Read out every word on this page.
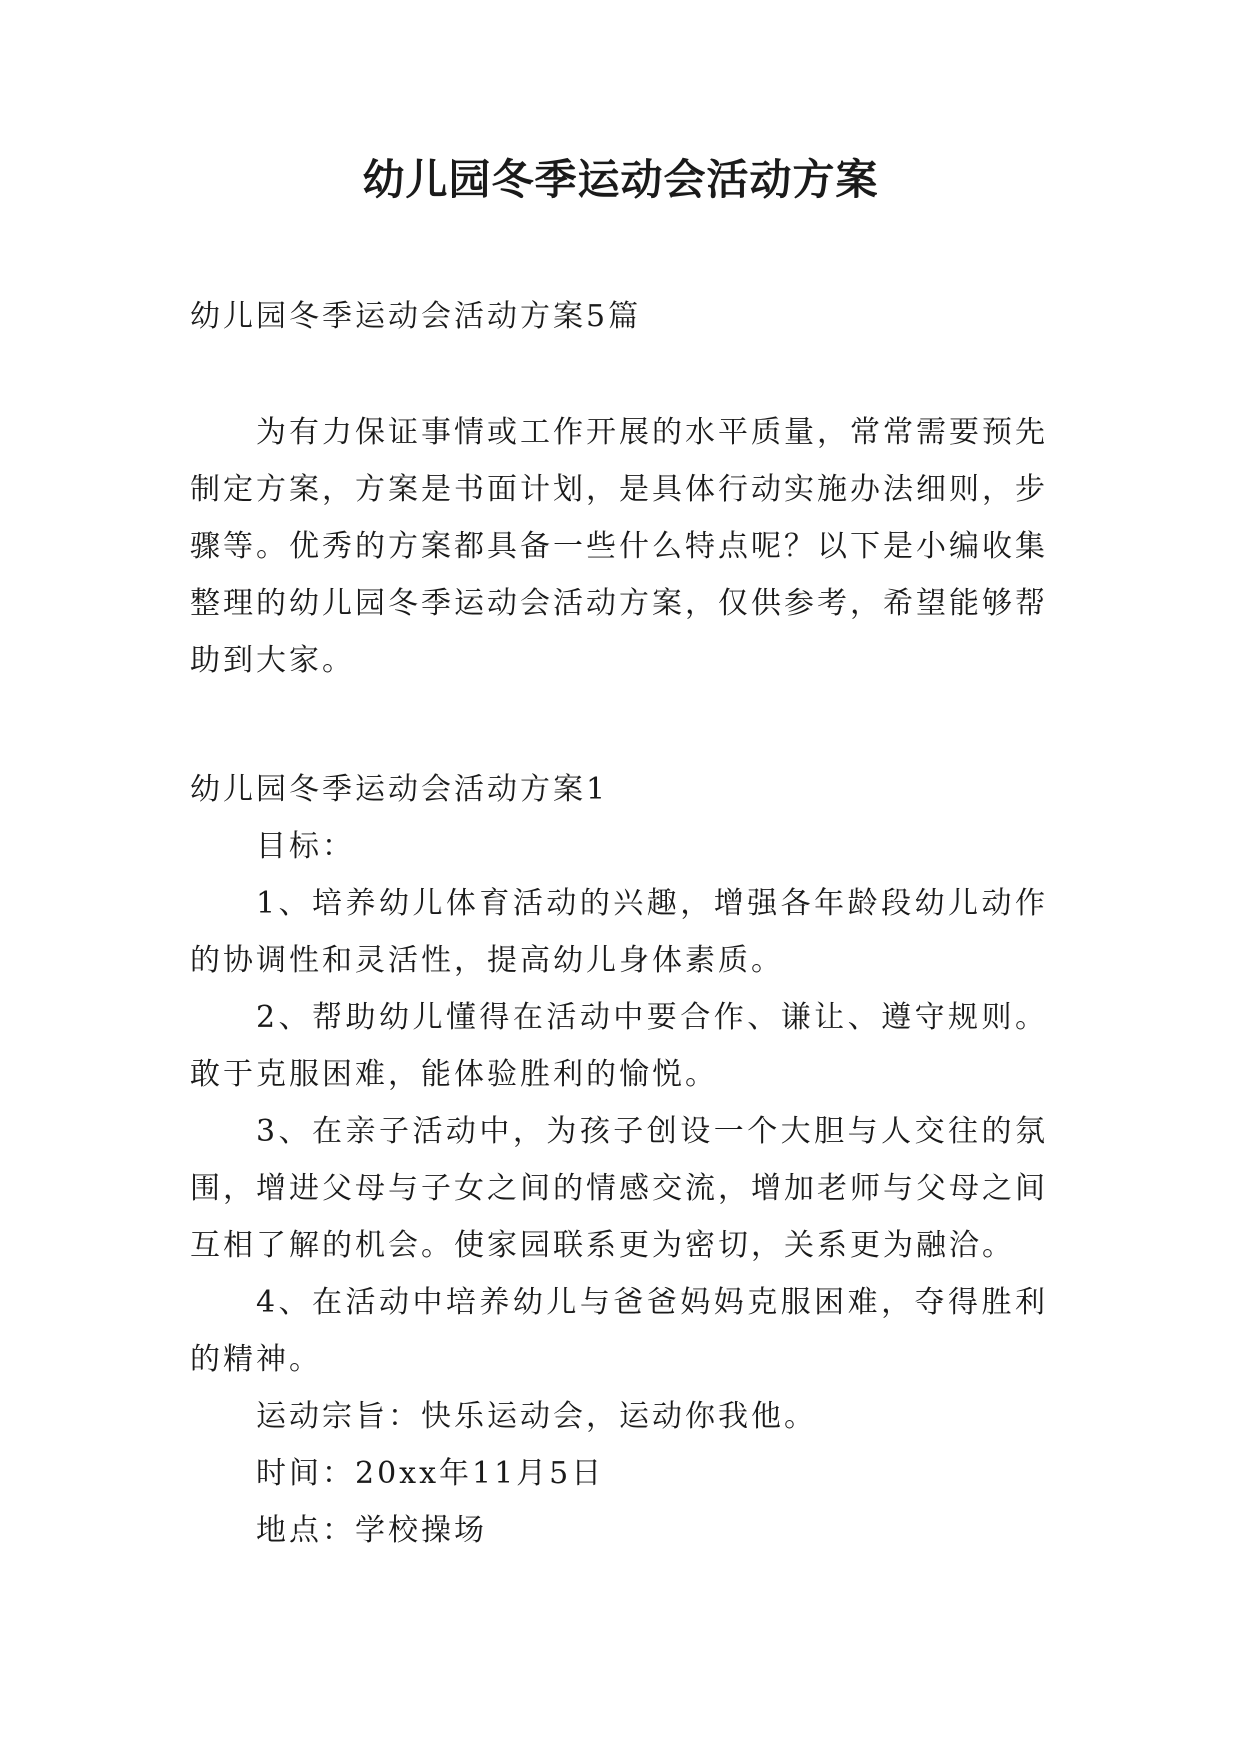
幼儿园冬季运动会活动方案
幼儿园冬季运动会活动方案5篇
为有力保证事情或工作开展的水平质量，常常需要预先制定方案，方案是书面计划，是具体行动实施办法细则，步骤等。优秀的方案都具备一些什么特点呢？以下是小编收集整理的幼儿园冬季运动会活动方案，仅供参考，希望能够帮助到大家。

幼儿园冬季运动会活动方案1

目标：

1、培养幼儿体育活动的兴趣，增强各年龄段幼儿动作的协调性和灵活性，提高幼儿身体素质。

2、帮助幼儿懂得在活动中要合作、谦让、遵守规则。敢于克服困难，能体验胜利的愉悦。

3、在亲子活动中，为孩子创设一个大胆与人交往的氛围，增进父母与子女之间的情感交流，增加老师与父母之间互相了解的机会。使家园联系更为密切，关系更为融洽。

4、在活动中培养幼儿与爸爸妈妈克服困难，夺得胜利的精神。

运动宗旨：快乐运动会，运动你我他。

时间：20xx年11月5日

地点：学校操场
